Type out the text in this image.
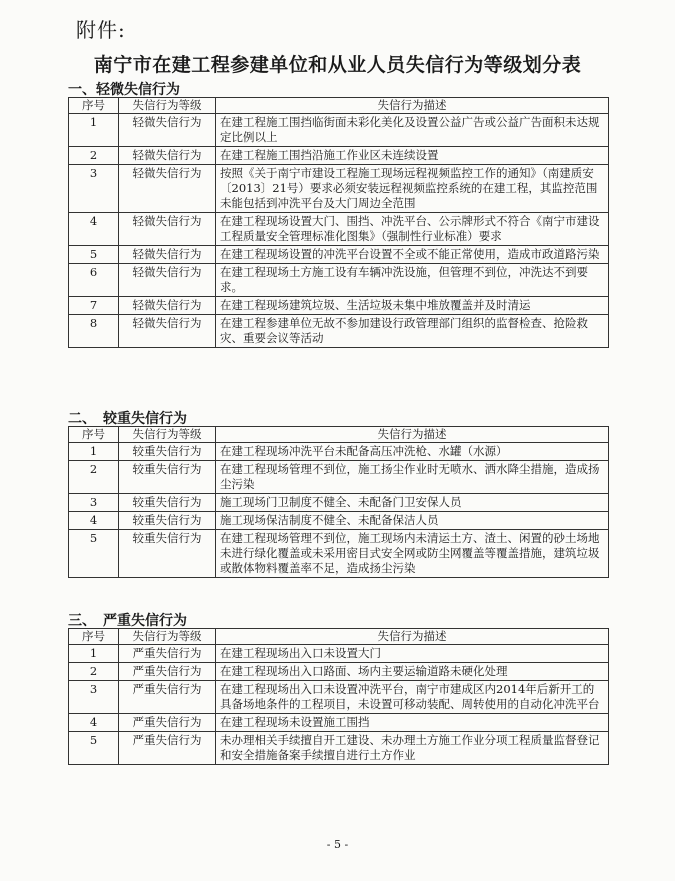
附件:
南宁市在建工程参建单位和从业人员失信行为等级划分表
一、轻微失信行为
序号	失信行为等级	失信行为描述
1	轻微失信行为	在建工程施工围挡临街面未彩化美化及设置公益广告或公益广告面积未达规定比例以上
2	轻微失信行为	在建工程施工围挡沿施工作业区未连续设置
3	轻微失信行为	按照《关于南宁市建设工程施工现场远程视频监控工作的通知》（南建质安〔2013〕21号）要求必须安装远程视频监控系统的在建工程，其监控范围未能包括到冲洗平台及大门周边全范围
4	轻微失信行为	在建工程现场设置大门、围挡、冲洗平台、公示牌形式不符合《南宁市建设工程质量安全管理标准化图集》（强制性行业标准）要求
5	轻微失信行为	在建工程现场设置的冲洗平台设置不全或不能正常使用，造成市政道路污染
6	轻微失信行为	在建工程现场土方施工设有车辆冲洗设施，但管理不到位，冲洗达不到要求。
7	轻微失信行为	在建工程现场建筑垃圾、生活垃圾未集中堆放覆盖并及时清运
8	轻微失信行为	在建工程参建单位无故不参加建设行政管理部门组织的监督检查、抢险救灾、重要会议等活动
二、　较重失信行为
序号	失信行为等级	失信行为描述
1	较重失信行为	在建工程现场冲洗平台未配备高压冲洗枪、水罐（水源）
2	较重失信行为	在建工程现场管理不到位，施工扬尘作业时无喷水、洒水降尘措施，造成扬尘污染
3	较重失信行为	施工现场门卫制度不健全、未配备门卫安保人员
4	较重失信行为	施工现场保洁制度不健全、未配备保洁人员
5	较重失信行为	在建工程现场管理不到位，施工现场内未清运土方、渣土、闲置的砂土场地未进行绿化覆盖或未采用密目式安全网或防尘网覆盖等覆盖措施，建筑垃圾或散体物料覆盖率不足，造成扬尘污染
三、　严重失信行为
序号	失信行为等级	失信行为描述
1	严重失信行为	在建工程现场出入口未设置大门
2	严重失信行为	在建工程现场出入口路面、场内主要运输道路未硬化处理
3	严重失信行为	在建工程现场出入口未设置冲洗平台，南宁市建成区内2014年后新开工的具备场地条件的工程项目，未设置可移动装配、周转使用的自动化冲洗平台
4	严重失信行为	在建工程现场未设置施工围挡
5	严重失信行为	未办理相关手续擅自开工建设、未办理土方施工作业分项工程质量监督登记和安全措施备案手续擅自进行土方作业
- 5 -
